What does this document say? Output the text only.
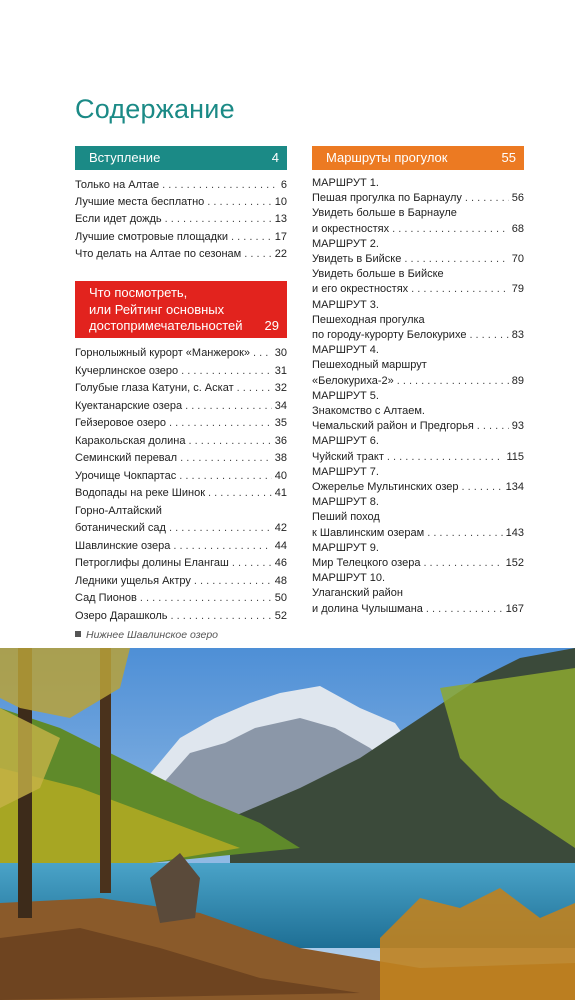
Содержание
Вступление	4
Только на Алтае . . .	6
Лучшие места бесплатно . . .	10
Если идет дождь . . .	13
Лучшие смотровые площадки . . .	17
Что делать на Алтае по сезонам . . .	22
Что посмотреть,
или Рейтинг основных
достопримечательностей 29
Горнолыжный курорт «Манжерок» . . . 30
Кучерлинское озеро . . .	31
Голубые глаза Катуни, с. Аскат . . .	32
Куектанарские озера . . .	34
Гейзеровое озеро . . .	35
Каракольская долина . . .	36
Семинский перевал . . .	38
Урочище Чокпартас . . .	40
Водопады на реке Шинок . . .	41
Горно-Алтайский
ботанический сад . . .	42
Шавлинские озера . . .	44
Петроглифы долины Елангаш . . .	46
Ледники ущелья Актру . . .	48
Сад Пионов . . .	50
Озеро Дарашколь . . .	52
Маршруты прогулок	55
МАРШРУТ 1.
Пешая прогулка по Барнаулу . . .	56
Увидеть больше в Барнауле
и окрестностях . . .	68
МАРШРУТ 2.
Увидеть в Бийске . . .	70
Увидеть больше в Бийске
и его окрестностях . . .	79
МАРШРУТ 3.
Пешеходная прогулка
по городу-курорту Белокурихе . . .	83
МАРШРУТ 4.
Пешеходный маршрут
«Белокуриха-2» . . .	89
МАРШРУТ 5.
Знакомство с Алтаем.
Чемальский район и Предгорья . . .	93
МАРШРУТ 6.
Чуйский тракт . . .	115
МАРШРУТ 7.
Ожерелье Мультинских озер . . .	134
МАРШРУТ 8.
Пеший поход
к Шавлинским озерам . . .	143
МАРШРУТ 9.
Мир Телецкого озера . . .	152
МАРШРУТ 10.
Улаганский район
и долина Чулышмана . . .	167
Нижнее Шавлинское озеро
